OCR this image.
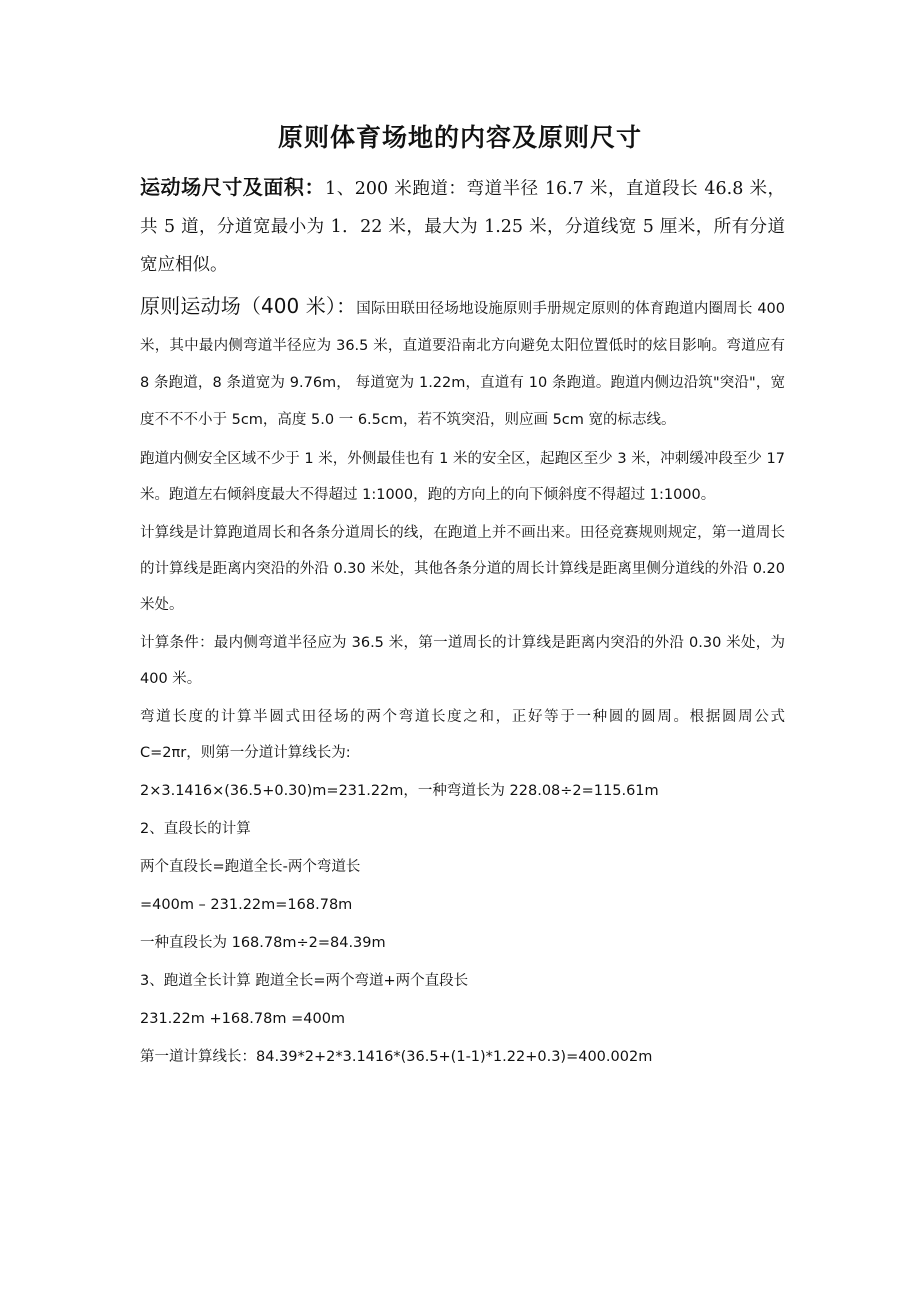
原则体育场地的内容及原则尺寸

运动场尺寸及面积：1、200 米跑道：弯道半径 16.7 米，直道段长 46.8 米，共 5 道，分道宽最小为 1．22 米，最大为 1.25 米，分道线宽 5 厘米，所有分道宽应相似。

原则运动场（400 米）：国际田联田径场地设施原则手册规定原则的体育跑道内圈周长 400 米，其中最内侧弯道半径应为 36.5 米，直道要沿南北方向避免太阳位置低时的炫目影响。弯道应有 8 条跑道，8 条道宽为 9.76m， 每道宽为 1.22m，直道有 10 条跑道。跑道内侧边沿筑"突沿"，宽度不不不小于 5cm，高度 5.0 一 6.5cm，若不筑突沿，则应画 5cm 宽的标志线。

跑道内侧安全区域不少于 1 米，外侧最佳也有 1 米的安全区，起跑区至少 3 米，冲刺缓冲段至少 17 米。跑道左右倾斜度最大不得超过 1:1000，跑的方向上的向下倾斜度不得超过 1:1000。

计算线是计算跑道周长和各条分道周长的线，在跑道上并不画出来。田径竞赛规则规定，第一道周长的计算线是距离内突沿的外沿 0.30 米处，其他各条分道的周长计算线是距离里侧分道线的外沿 0.20 米处。

计算条件：最内侧弯道半径应为 36.5 米，第一道周长的计算线是距离内突沿的外沿 0.30 米处，为 400 米。

弯道长度的计算半圆式田径场的两个弯道长度之和，正好等于一种圆的圆周。根据圆周公式 C=2πr，则第一分道计算线长为:

2×3.1416×(36.5+0.30)m=231.22m，一种弯道长为 228.08÷2=115.61m

2、直段长的计算

两个直段长=跑道全长-两个弯道长

=400m – 231.22m=168.78m

一种直段长为 168.78m÷2=84.39m

3、跑道全长计算 跑道全长=两个弯道+两个直段长

231.22m +168.78m =400m

第一道计算线长：84.39*2+2*3.1416*(36.5+(1-1)*1.22+0.3)=400.002m
